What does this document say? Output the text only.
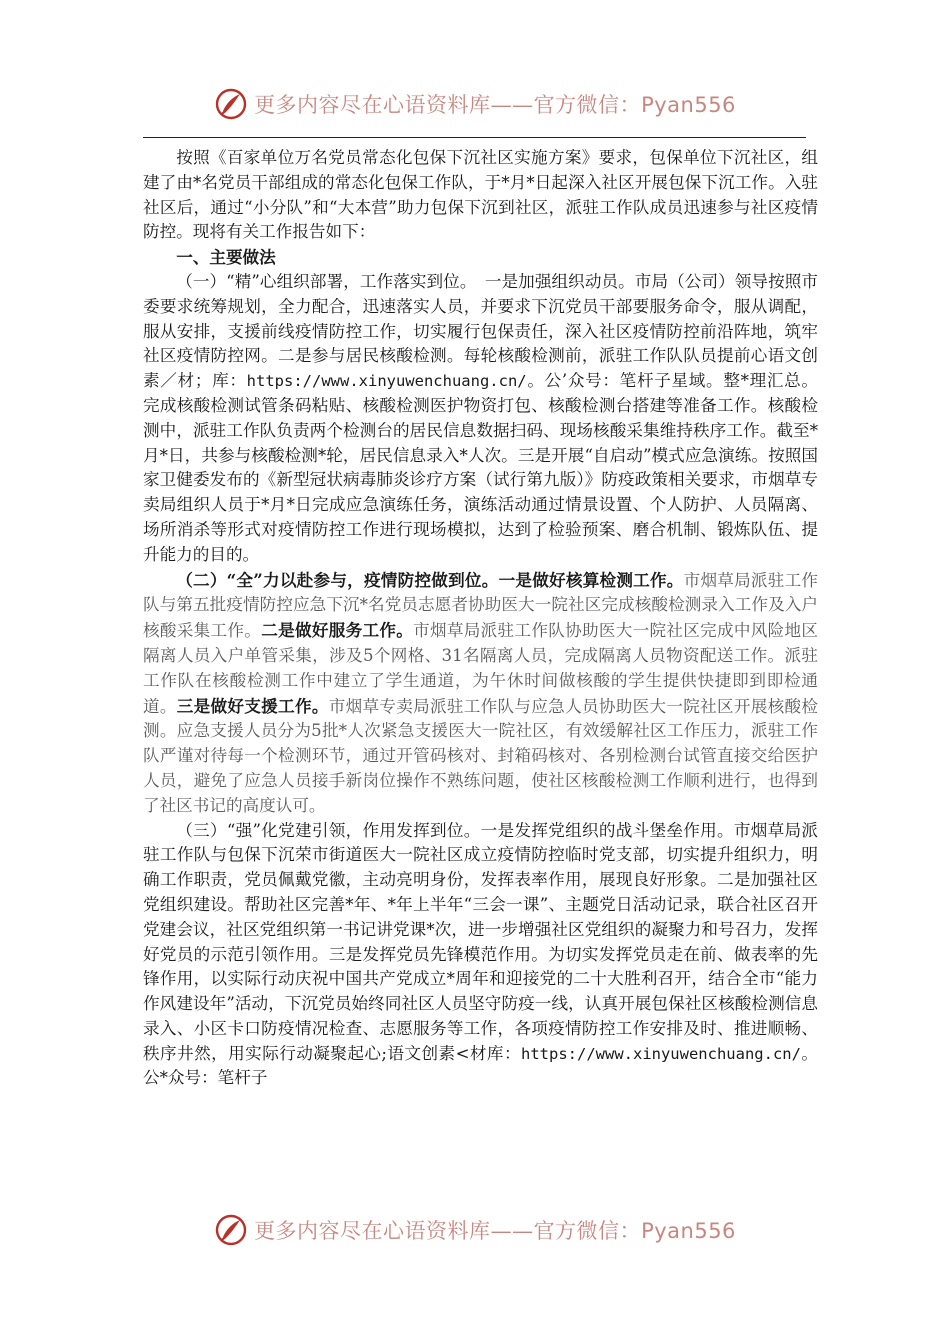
更多内容尽在心语资料库——官方微信：Pyan556

按照《百家单位万名党员常态化包保下沉社区实施方案》要求，包保单位下沉社区，组建了由*名党员干部组成的常态化包保工作队，于*月*日起深入社区开展包保下沉工作。入驻社区后，通过“小分队”和“大本营”助力包保下沉到社区，派驻工作队成员迅速参与社区疫情防控。现将有关工作报告如下：

一、主要做法

（一）“精”心组织部署，工作落实到位。　一是加强组织动员。市局（公司）领导按照市委要求统筹规划，全力配合，迅速落实人员，并要求下沉党员干部要服务命令，服从调配，服从安排，支援前线疫情防控工作，切实履行包保责任，深入社区疫情防控前沿阵地，筑牢社区疫情防控网。二是参与居民核酸检测。每轮核酸检测前，派驻工作队队员提前心语文创素／材；库：https://www.xinyuwenchuang.cn/。公’众号：笔杆子星域。整*理汇总。完成核酸检测试管条码粘贴、核酸检测医护物资打包、核酸检测台搭建等准备工作。核酸检测中，派驻工作队负责两个检测台的居民信息数据扫码、现场核酸采集维持秩序工作。截至*月*日，共参与核酸检测*轮，居民信息录入*人次。三是开展“自启动”模式应急演练。按照国家卫健委发布的《新型冠状病毒肺炎诊疗方案（试行第九版）》防疫政策相关要求，市烟草专卖局组织人员于*月*日完成应急演练任务，演练活动通过情景设置、个人防护、人员隔离、场所消杀等形式对疫情防控工作进行现场模拟，达到了检验预案、磨合机制、锻炼队伍、提升能力的目的。

（二）“全”力以赴参与，疫情防控做到位。一是做好核算检测工作。市烟草局派驻工作队与第五批疫情防控应急下沉*名党员志愿者协助医大一院社区完成核酸检测录入工作及入户核酸采集工作。二是做好服务工作。市烟草局派驻工作队协助医大一院社区完成中风险地区隔离人员入户单管采集，涉及5个网格、31名隔离人员，完成隔离人员物资配送工作。派驻工作队在核酸检测工作中建立了学生通道，为午休时间做核酸的学生提供快捷即到即检通道。三是做好支援工作。市烟草专卖局派驻工作队与应急人员协助医大一院社区开展核酸检测。应急支援人员分为5批*人次紧急支援医大一院社区，有效缓解社区工作压力，派驻工作队严谨对待每一个检测环节，通过开管码核对、封箱码核对、各别检测台试管直接交给医护人员，避免了应急人员接手新岗位操作不熟练问题，使社区核酸检测工作顺利进行，也得到了社区书记的高度认可。

（三）“强”化党建引领，作用发挥到位。一是发挥党组织的战斗堡垒作用。市烟草局派驻工作队与包保下沉荣市街道医大一院社区成立疫情防控临时党支部，切实提升组织力，明确工作职责，党员佩戴党徽，主动亮明身份，发挥表率作用，展现良好形象。二是加强社区党组织建设。帮助社区完善*年、*年上半年“三会一课”、主题党日活动记录，联合社区召开党建会议，社区党组织第一书记讲党课*次，进一步增强社区党组织的凝聚力和号召力，发挥好党员的示范引领作用。三是发挥党员先锋模范作用。为切实发挥党员走在前、做表率的先锋作用，以实际行动庆祝中国共产党成立*周年和迎接党的二十大胜利召开，结合全市“能力作风建设年”活动，下沉党员始终同社区人员坚守防疫一线，认真开展包保社区核酸检测信息录入、小区卡口防疫情况检查、志愿服务等工作，各项疫情防控工作安排及时、推进顺畅、秩序井然，用实际行动凝聚起心;语文创素<材库：https://www.xinyuwenchuang.cn/。公*众号：笔杆子

更多内容尽在心语资料库——官方微信：Pyan556
